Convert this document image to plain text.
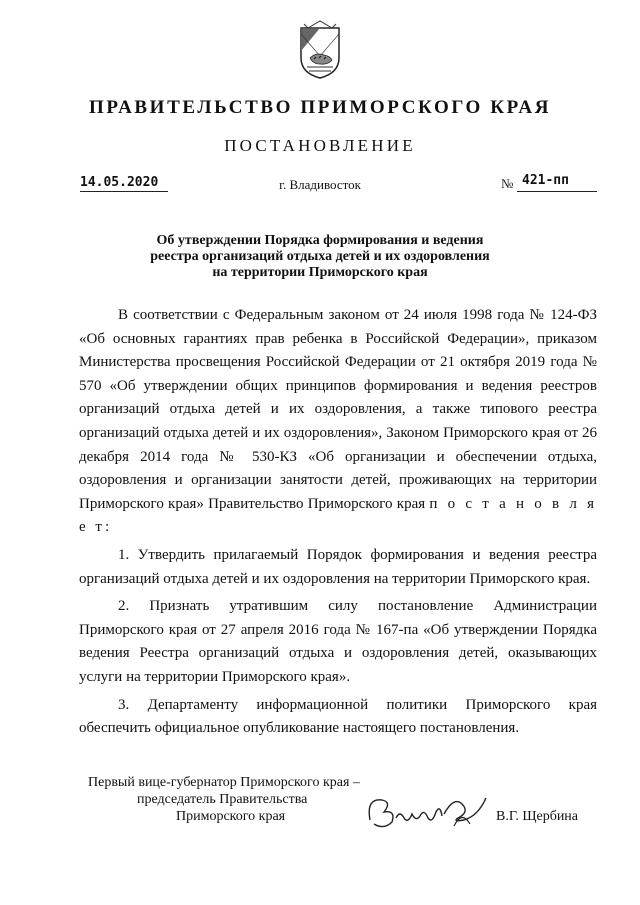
ПРАВИТЕЛЬСТВО ПРИМОРСКОГО КРАЯ
ПОСТАНОВЛЕНИЕ
14.05.2020	г. Владивосток	№ 421-пп
Об утверждении Порядка формирования и ведения
реестра организаций отдыха детей и их оздоровления
на территории Приморского края

В соответствии с Федеральным законом от 24 июля 1998 года № 124-ФЗ «Об основных гарантиях прав ребенка в Российской Федерации», приказом Министерства просвещения Российской Федерации от 21 октября 2019 года № 570 «Об утверждении общих принципов формирования и ведения реестров организаций отдыха детей и их оздоровления, а также типового реестра организаций отдыха детей и их оздоровления», Законом Приморского края от 26 декабря 2014 года № 530-КЗ «Об организации и обеспечении отдыха, оздоровления и организации занятости детей, проживающих на территории Приморского края» Правительство Приморского края п о с т а н о в л я е т:

1. Утвердить прилагаемый Порядок формирования и ведения реестра организаций отдыха детей и их оздоровления на территории Приморского края.

2. Признать утратившим силу постановление Администрации Приморского края от 27 апреля 2016 года № 167-па «Об утверждении Порядка ведения Реестра организаций отдыха и оздоровления детей, оказывающих услуги на территории Приморского края».

3. Департаменту информационной политики Приморского края обеспечить официальное опубликование настоящего постановления.

Первый вице-губернатор Приморского края –
председатель Правительства
Приморского края	В.Г. Щербина
